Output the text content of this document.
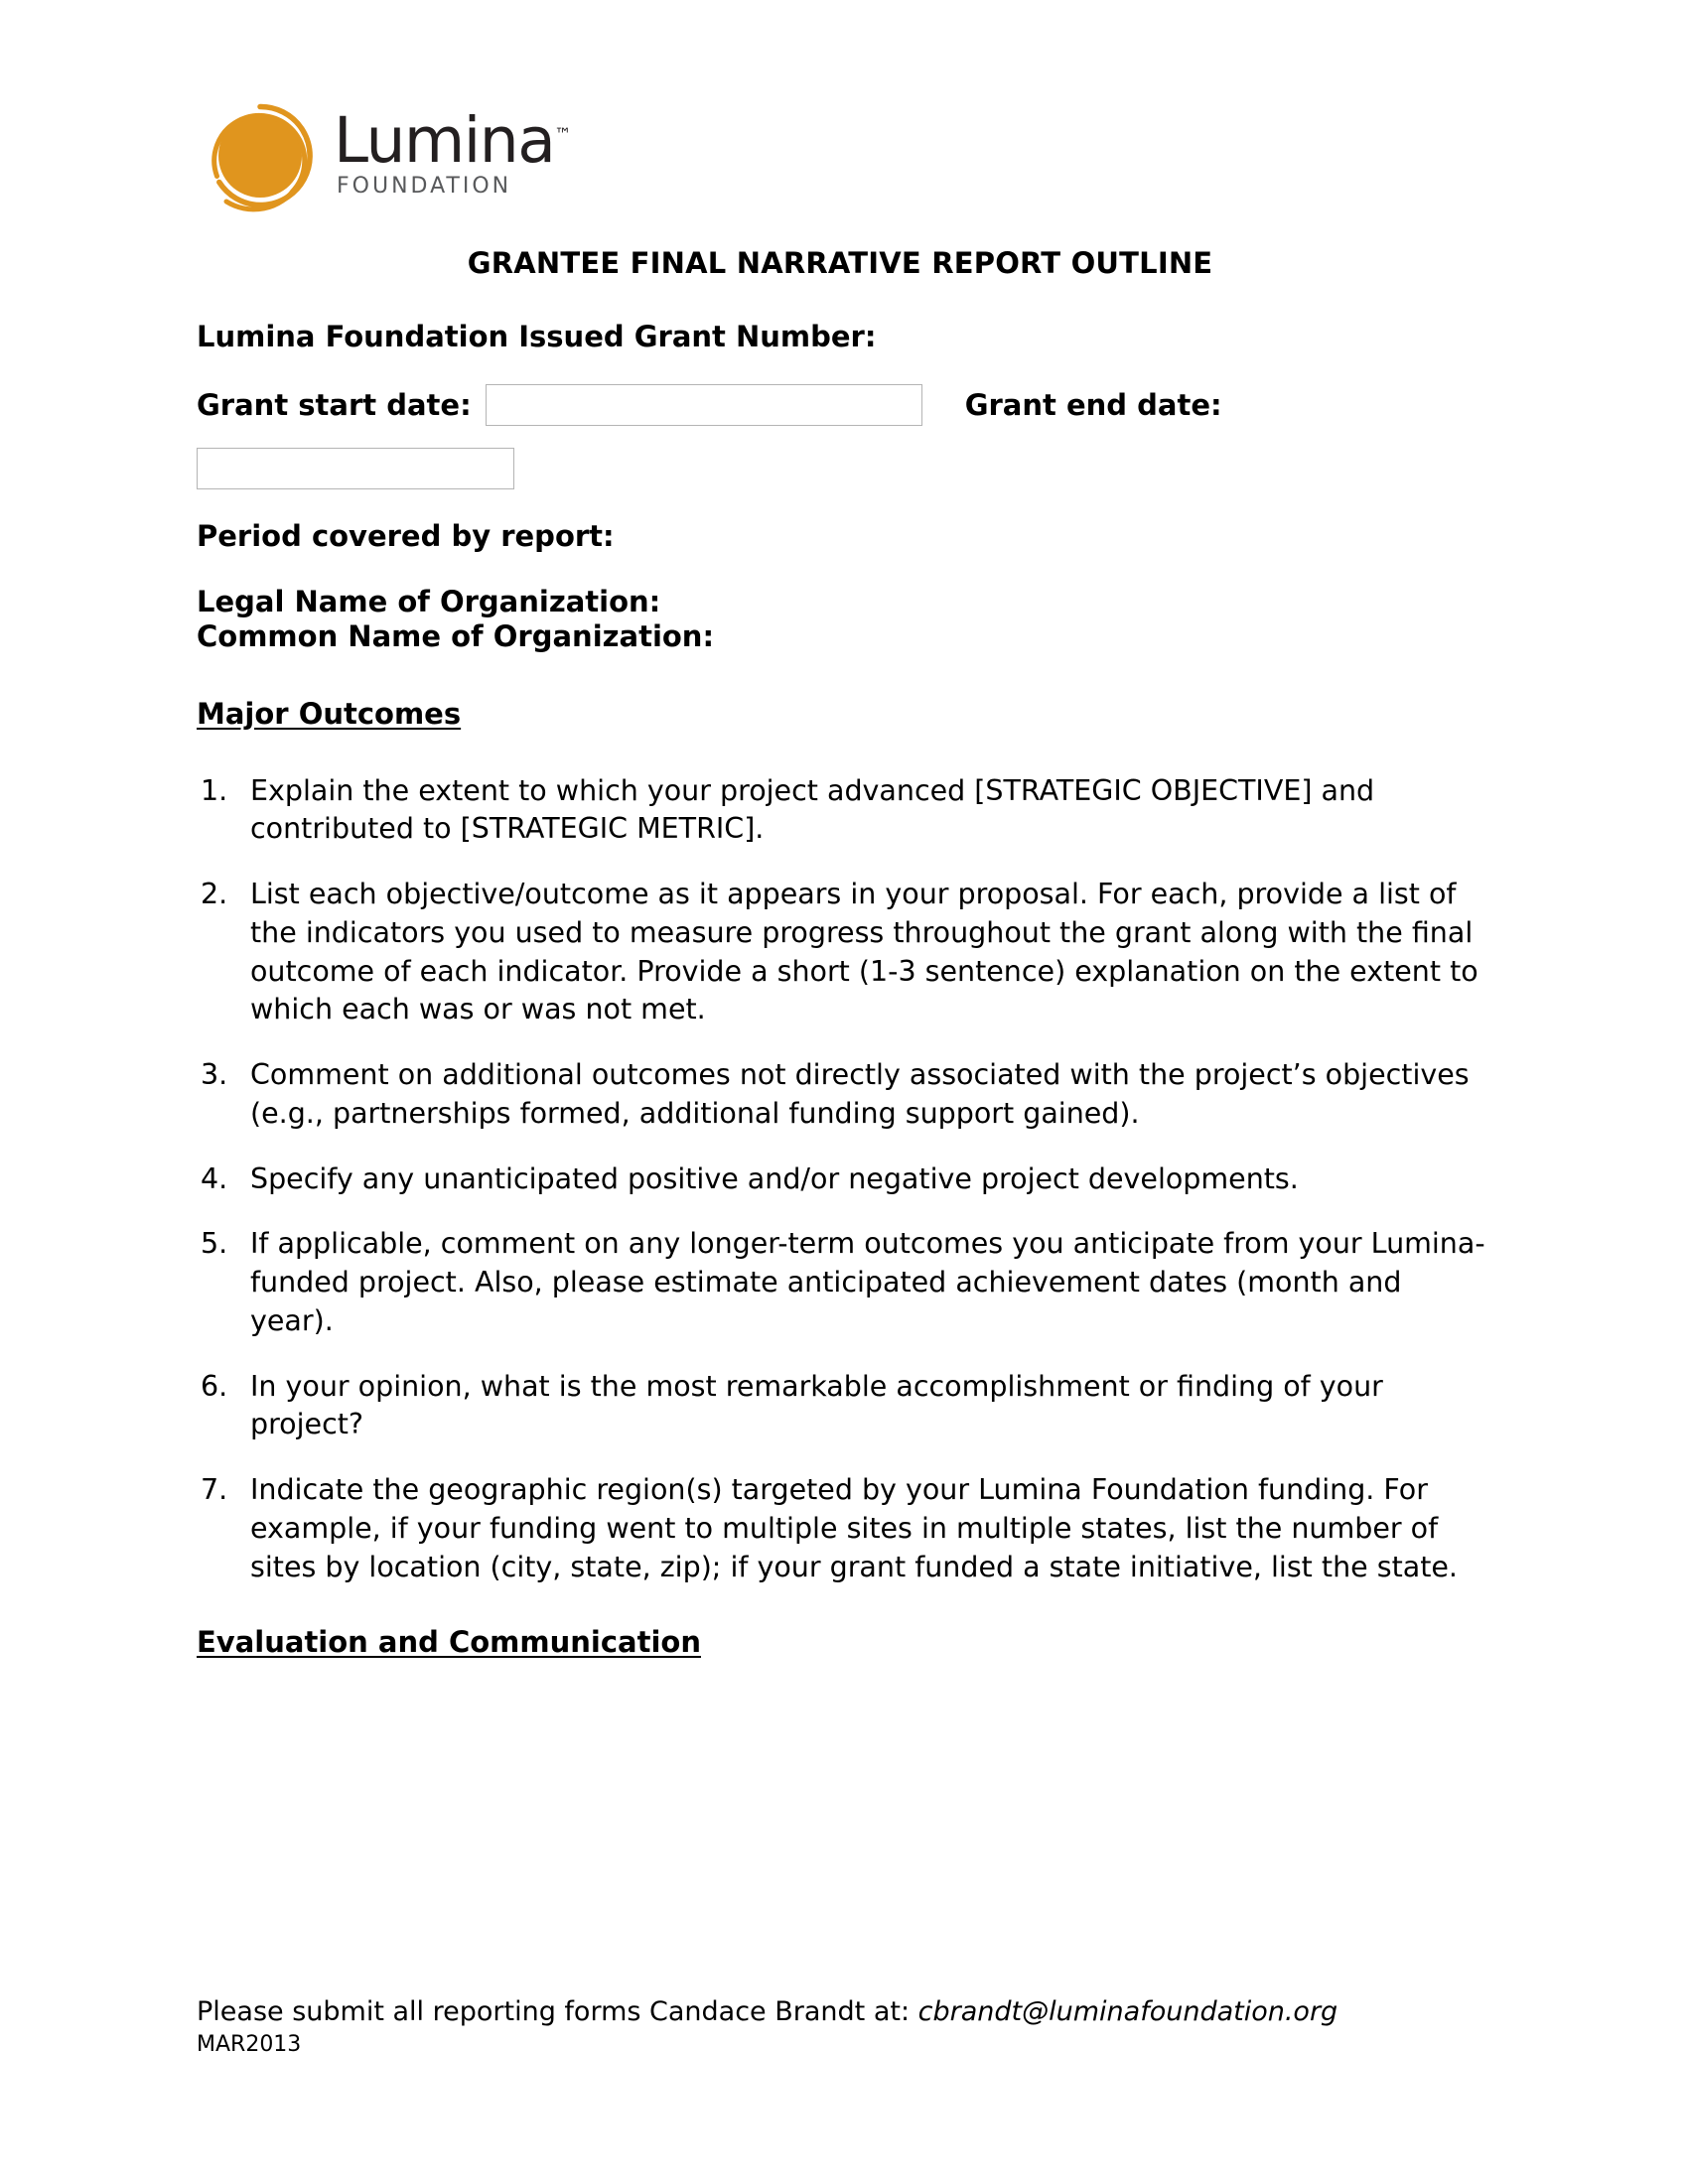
Lumina™
FOUNDATION
GRANTEE FINAL NARRATIVE REPORT OUTLINE
Lumina Foundation Issued Grant Number:
Grant start date:	Grant end date:
Period covered by report:
Legal Name of Organization:
Common Name of Organization:
Major Outcomes
Explain the extent to which your project advanced [STRATEGIC OBJECTIVE] and contributed to [STRATEGIC METRIC].
List each objective/outcome as it appears in your proposal. For each, provide a list of the indicators you used to measure progress throughout the grant along with the final outcome of each indicator. Provide a short (1-3 sentence) explanation on the extent to which each was or was not met.
Comment on additional outcomes not directly associated with the project’s objectives (e.g., partnerships formed, additional funding support gained).
Specify any unanticipated positive and/or negative project developments.
If applicable, comment on any longer-term outcomes you anticipate from your Lumina-funded project. Also, please estimate anticipated achievement dates (month and year).
In your opinion, what is the most remarkable accomplishment or finding of your project?
Indicate the geographic region(s) targeted by your Lumina Foundation funding. For example, if your funding went to multiple sites in multiple states, list the number of sites by location (city, state, zip); if your grant funded a state initiative, list the state.
Evaluation and Communication
Please submit all reporting forms Candace Brandt at: cbrandt@luminafoundation.org
MAR2013
